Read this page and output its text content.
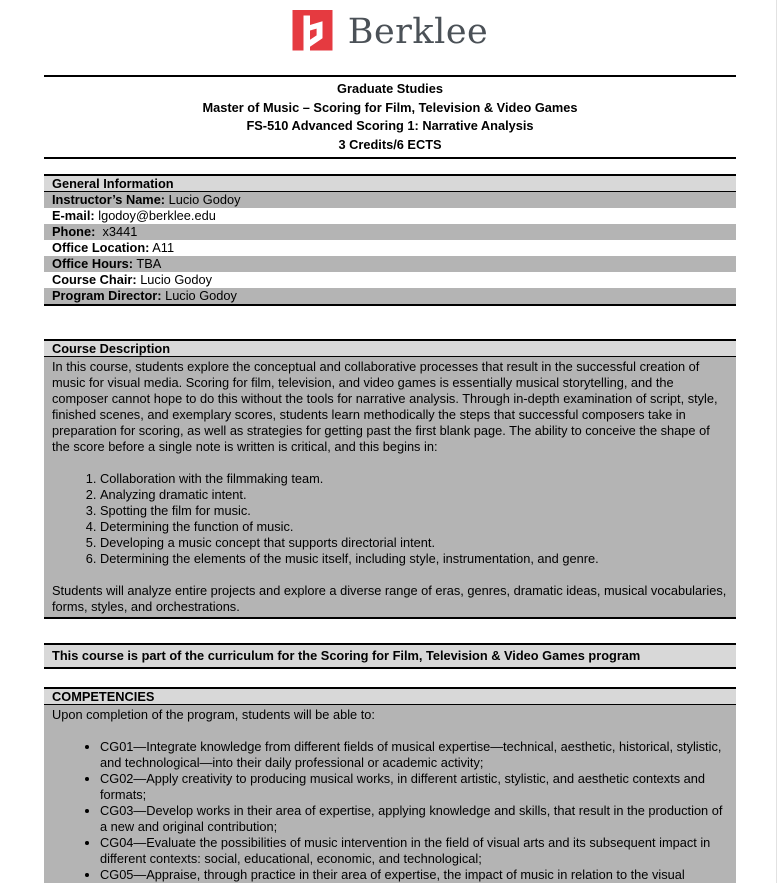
Berklee
Graduate Studies
Master of Music – Scoring for Film, Television & Video Games
FS-510 Advanced Scoring 1: Narrative Analysis
3 Credits/6 ECTS
General Information
Instructor’s Name: Lucio Godoy
E-mail: lgodoy@berklee.edu
Phone:  x3441
Office Location: A11
Office Hours: TBA
Course Chair: Lucio Godoy
Program Director: Lucio Godoy
Course Description

In this course, students explore the conceptual and collaborative processes that result in the successful creation of music for visual media. Scoring for film, television, and video games is essentially musical storytelling, and the composer cannot hope to do this without the tools for narrative analysis. Through in-depth examination of script, style, finished scenes, and exemplary scores, students learn methodically the steps that successful composers take in preparation for scoring, as well as strategies for getting past the first blank page. The ability to conceive the shape of the score before a single note is written is critical, and this begins in:

1. Collaboration with the filmmaking team.
2. Analyzing dramatic intent.
3. Spotting the film for music.
4. Determining the function of music.
5. Developing a music concept that supports directorial intent.
6. Determining the elements of the music itself, including style, instrumentation, and genre.

Students will analyze entire projects and explore a diverse range of eras, genres, dramatic ideas, musical vocabularies, forms, styles, and orchestrations.

This course is part of the curriculum for the Scoring for Film, Television & Video Games program
COMPETENCIES

Upon completion of the program, students will be able to:

• CG01—Integrate knowledge from different fields of musical expertise—technical, aesthetic, historical, stylistic, and technological—into their daily professional or academic activity;
• CG02—Apply creativity to producing musical works, in different artistic, stylistic, and aesthetic contexts and formats;
• CG03—Develop works in their area of expertise, applying knowledge and skills, that result in the production of a new and original contribution;
• CG04—Evaluate the possibilities of music intervention in the field of visual arts and its subsequent impact in different contexts: social, educational, economic, and technological;
• CG05—Appraise, through practice in their area of expertise, the impact of music in relation to the visual
